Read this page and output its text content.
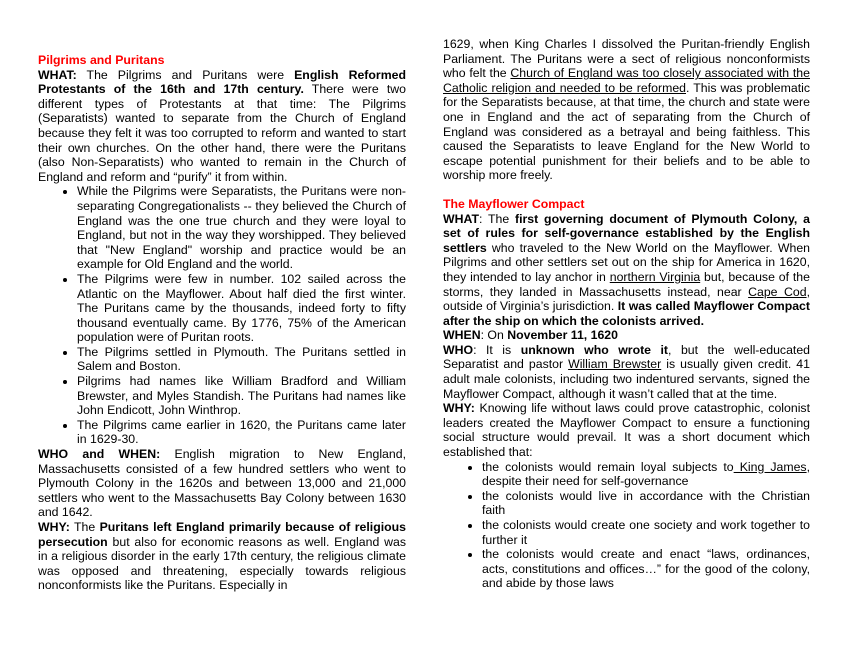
Pilgrims and Puritans

WHAT: The Pilgrims and Puritans were English Reformed Protestants of the 16th and 17th century. There were two different types of Protestants at that time: The Pilgrims (Separatists) wanted to separate from the Church of England because they felt it was too corrupted to reform and wanted to start their own churches. On the other hand, there were the Puritans (also Non-Separatists) who wanted to remain in the Church of England and reform and “purify” it from within.

• While the Pilgrims were Separatists, the Puritans were non-separating Congregationalists -- they believed the Church of England was the one true church and they were loyal to England, but not in the way they worshipped. They believed that "New England" worship and practice would be an example for Old England and the world.
• The Pilgrims were few in number. 102 sailed across the Atlantic on the Mayflower. About half died the first winter. The Puritans came by the thousands, indeed forty to fifty thousand eventually came. By 1776, 75% of the American population were of Puritan roots.
• The Pilgrims settled in Plymouth. The Puritans settled in Salem and Boston.
• Pilgrims had names like William Bradford and William Brewster, and Myles Standish. The Puritans had names like John Endicott, John Winthrop.
• The Pilgrims came earlier in 1620, the Puritans came later in 1629-30.

WHO and WHEN: English migration to New England, Massachusetts consisted of a few hundred settlers who went to Plymouth Colony in the 1620s and between 13,000 and 21,000 settlers who went to the Massachusetts Bay Colony between 1630 and 1642.

WHY: The Puritans left England primarily because of religious persecution but also for economic reasons as well. England was in a religious disorder in the early 17th century, the religious climate was opposed and threatening, especially towards religious nonconformists like the Puritans. Especially in

1629, when King Charles I dissolved the Puritan-friendly English Parliament. The Puritans were a sect of religious nonconformists who felt the Church of England was too closely associated with the Catholic religion and needed to be reformed. This was problematic for the Separatists because, at that time, the church and state were one in England and the act of separating from the Church of England was considered as a betrayal and being faithless. This caused the Separatists to leave England for the New World to escape potential punishment for their beliefs and to be able to worship more freely.

The Mayflower Compact

WHAT: The first governing document of Plymouth Colony, a set of rules for self-governance established by the English settlers who traveled to the New World on the Mayflower. When Pilgrims and other settlers set out on the ship for America in 1620, they intended to lay anchor in northern Virginia but, because of the storms, they landed in Massachusetts instead, near Cape Cod, outside of Virginia’s jurisdiction. It was called Mayflower Compact after the ship on which the colonists arrived.

WHEN: On November 11, 1620

WHO: It is unknown who wrote it, but the well-educated Separatist and pastor William Brewster is usually given credit. 41 adult male colonists, including two indentured servants, signed the Mayflower Compact, although it wasn’t called that at the time.

WHY: Knowing life without laws could prove catastrophic, colonist leaders created the Mayflower Compact to ensure a functioning social structure would prevail. It was a short document which established that:

• the colonists would remain loyal subjects to King James, despite their need for self-governance
• the colonists would live in accordance with the Christian faith
• the colonists would create one society and work together to further it
• the colonists would create and enact “laws, ordinances, acts, constitutions and offices…” for the good of the colony, and abide by those laws
